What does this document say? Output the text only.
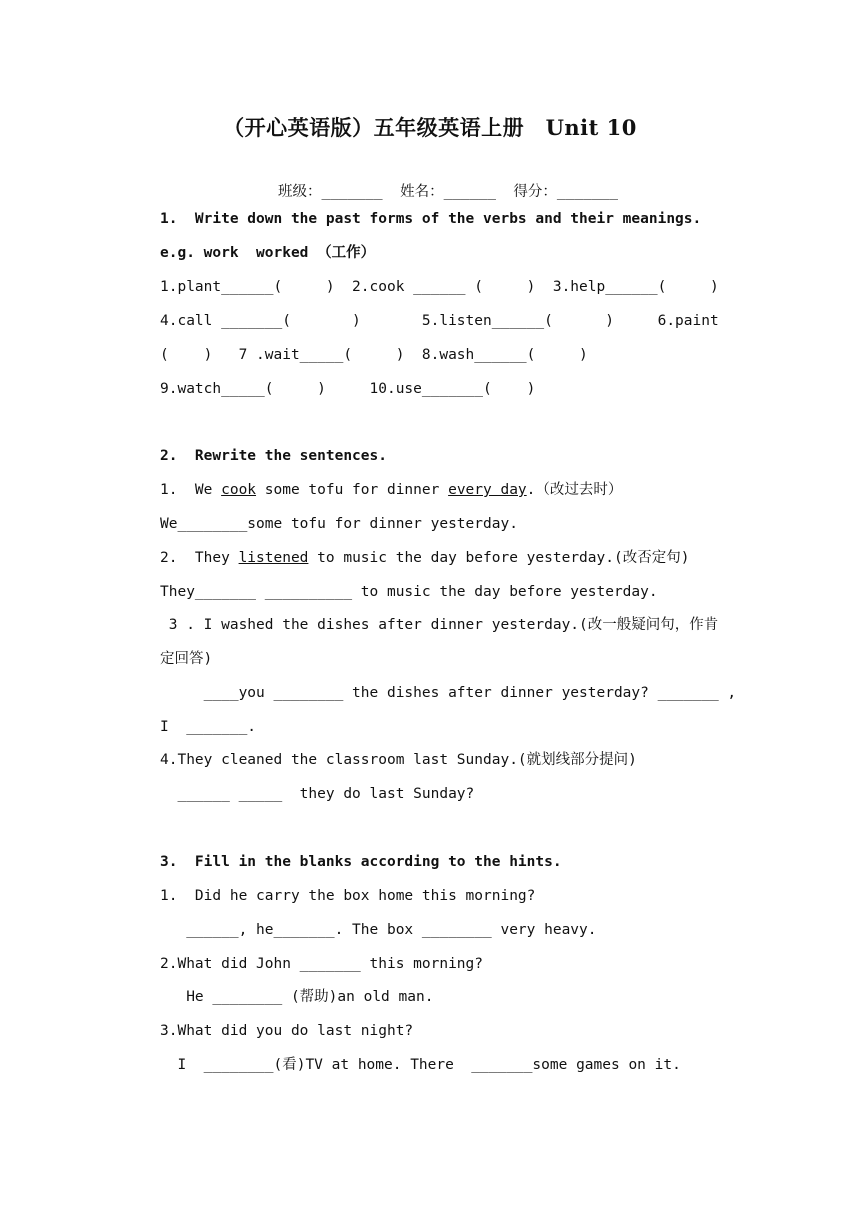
（开心英语版）五年级英语上册　Unit 10
班级：_______  姓名：______  得分：_______
1.  Write down the past forms of the verbs and their meanings.
e.g. work  worked （工作）
1.plant______(     )  2.cook ______ (     )  3.help______(     )
4.call _______(       )       5.listen______(      )     6.paint
(    )   7 .wait_____(     )  8.wash______(     )
9.watch_____(     )     10.use_______(    )
2.  Rewrite the sentences.
1.  We cook some tofu for dinner every day.（改过去时）
We________some tofu for dinner yesterday.
2.  They listened to music the day before yesterday.(改否定句)
They_______ __________ to music the day before yesterday.
3 . I washed the dishes after dinner yesterday.(改一般疑问句，作肯
定回答)
____you ________ the dishes after dinner yesterday? _______ ,
I  _______.
4.They cleaned the classroom last Sunday.(就划线部分提问)
______ _____  they do last Sunday?
3.  Fill in the blanks according to the hints.
1.  Did he carry the box home this morning?
______, he_______. The box ________ very heavy.
2.What did John _______ this morning?
He ________ (帮助)an old man.
3.What did you do last night?
I  ________(看)TV at home. There  _______some games on it.
